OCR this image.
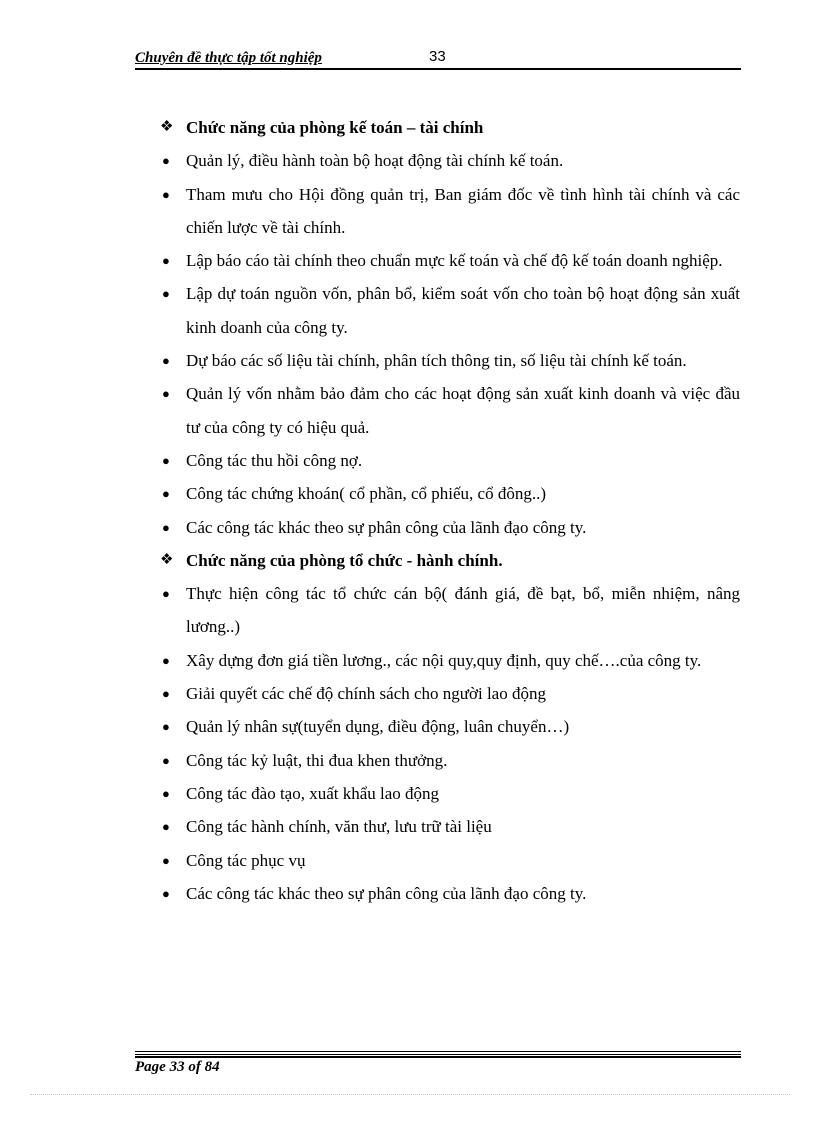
Chuyên đề thực tập tốt nghiệp	33
❖ Chức năng của phòng kế toán – tài chính
● Quản lý, điều hành toàn bộ hoạt động tài chính kế toán.
● Tham mưu cho Hội đồng quản trị, Ban giám đốc về tình hình tài chính và các chiến lược về tài chính.
● Lập báo cáo tài chính theo chuẩn mực kế toán và chế độ kế toán doanh nghiệp.
● Lập dự toán nguồn vốn, phân bổ, kiểm soát vốn cho toàn bộ hoạt động sản xuất kinh doanh của công ty.
● Dự báo các số liệu tài chính, phân tích thông tin, số liệu tài chính kế toán.
● Quản lý vốn nhằm bảo đảm cho các hoạt động sản xuất kinh doanh và việc đầu tư của công ty có hiệu quả.
● Công tác thu hồi công nợ.
● Công tác chứng khoán( cổ phần, cổ phiếu, cổ đông..)
● Các công tác khác theo sự phân công của lãnh đạo công ty.
❖ Chức năng của phòng tổ chức - hành chính.
● Thực hiện công tác tổ chức cán bộ( đánh giá, đề bạt, bổ, miễn nhiệm, nâng lương..)
● Xây dựng đơn giá tiền lương., các nội quy,quy định, quy chế….của công ty.
● Giải quyết các chế độ chính sách cho người lao động
● Quản lý nhân sự(tuyển dụng, điều động, luân chuyển…)
● Công tác kỷ luật, thi đua khen thưởng.
● Công tác đào tạo, xuất khẩu lao động
● Công tác hành chính, văn thư, lưu trữ tài liệu
● Công tác phục vụ
● Các công tác khác theo sự phân công của lãnh đạo công ty.
Page 33 of 84
